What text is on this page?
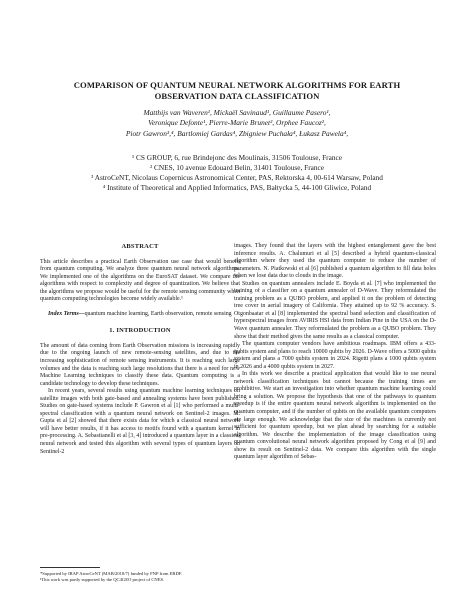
COMPARISON OF QUANTUM NEURAL NETWORK ALGORITHMS FOR EARTH
OBSERVATION DATA CLASSIFICATION
Matthijs van Waveren¹, Mickaël Savinaud¹, Guillaume Pasero¹,
Veronique Defonte¹, Pierre-Marie Brunet², Orphee Faucoz²,
Piotr Gawron³,⁴, Bartlomiej Gardas⁴, Zbigniew Puchała⁴, Łukasz Pawela⁴,
¹ CS GROUP, 6, rue Brindejonc des Moulinais, 31506 Toulouse, France
² CNES, 10 avenue Edouard Belin, 31401 Toulouse, France
³ AstroCeNT, Nicolaus Copernicus Astronomical Center, PAS, Rektorska 4, 00-614 Warsaw, Poland
⁴ Institute of Theoretical and Applied Informatics, PAS, Bałtycka 5, 44-100 Gliwice, Poland
ABSTRACT

This article describes a practical Earth Observation use case that would benefit from quantum computing. We analyze three quantum neural network algorithms. We implemented one of the algorithms on the EuroSAT dataset. We compare the algorithms with respect to complexity and degree of quantization. We believe that the algorithms we propose would be useful for the remote sensing community when quantum computing technologies become widely available.¹

Index Terms—quantum machine learning, Earth observation, remote sensing

1. INTRODUCTION

The amount of data coming from Earth Observation missions is increasing rapidly due to the ongoing launch of new remote-sensing satellites, and due to the increasing sophistication of remote sensing instruments. It is reaching such large volumes and the data is reaching such large resolutions that there is a need for new Machine Learning techniques to classify these data. Quantum computing is a candidate technology to develop these techniques.

In recent years, several results using quantum machine learning techniques on satellite images with both gate-based and annealing systems have been published. Studies on gate-based systems include P. Gawron et al [1] who performed a multi-spectral classification with a quantum neural network on Sentinel-2 images. M. Gupta et al [2] showed that there exists data for which a classical neural network will have better results, if it has access to motifs found with a quantum kernel in pre-processing. A. Sebastianelli et al [3, 4] introduced a quantum layer in a classical neural network and tested this algorithm with several types of quantum layers on Sentinel-2

images. They found that the layers with the highest entanglement gave the best inference results. A. Chalumuri et al [5] described a hybrid quantum-classical algorithm where they used the quantum computer to reduce the number of parameters. N. Piatkowski et al [6] published a quantum algorithm to fill data holes when we lose data due to clouds in the image.

Studies on quantum annealers include E. Boyda et al. [7] who implemented the training of a classifier on a quantum annealer of D-Wave. They reformulated the training problem as a QUBO problem, and applied it on the problem of detecting tree cover in aerial imagery of California. They attained up to 92 % accuracy. S. Otgonbaatar et al [8] implemented the spectral band selection and classification of hyperspectral images from AVIRIS HSI data from Indian Pine in the USA on the D-Wave quantum annealer. They reformulated the problem as a QUBO problem. They show that their method gives the same results as a classical computer.

The quantum computer vendors have ambitious roadmaps. IBM offers a 433-qubits system and plans to reach 10000 qubits by 2026. D-Wave offers a 5000 qubits system and plans a 7000 qubits system in 2024. Rigetti plans a 1000 qubits system in 2026 and a 4000 qubits system in 2027.

In this work we describe a practical application that would like to use neural network classification techniques but cannot because the training times are prohibitive. We start an investigation into whether quantum machine learning could bring a solution. We propose the hypothesis that one of the pathways to quantum speedup is if the entire quantum neural network algorithm is implemented on the quantum computer, and if the number of qubits on the available quantum computers are large enough. We acknowledge that the size of the machines is currently not sufficient for quantum speedup, but we plan ahead by searching for a suitable algorithm. We describe the implementation of the image classification using quantum convolutional neural network algorithm proposed by Cong et al [9] and show its result on Sentinel-2 data. We compare this algorithm with the single quantum layer algorithm of Sebas-

*Supported by IRAP AstroCeNT (MAB/2018/7) funded by FNP from ERDF.
¹This work was partly supported by the QC4GEO project of CNES.
